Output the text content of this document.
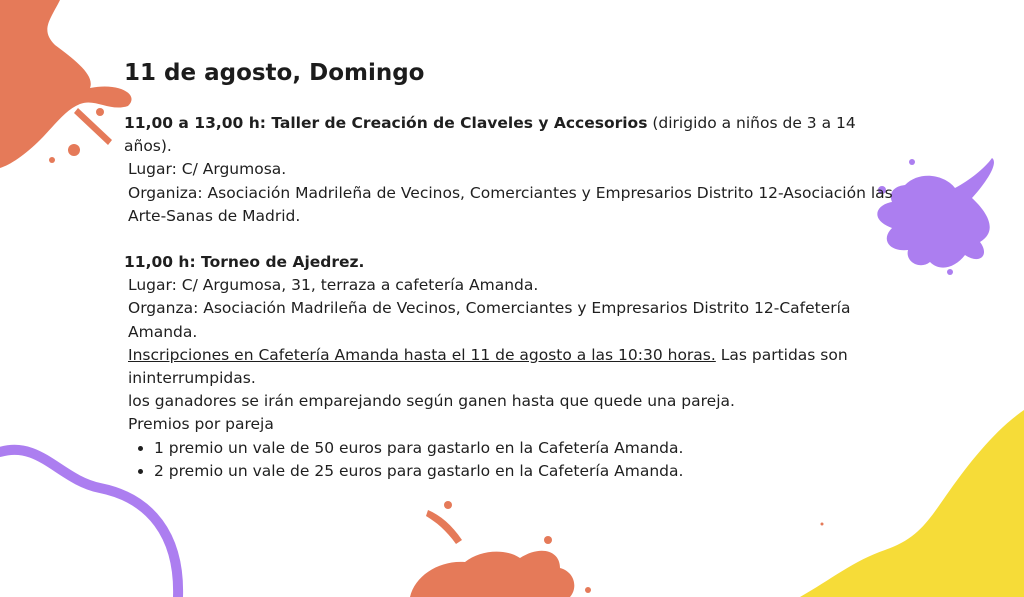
11 de agosto, Domingo

11,00 a 13,00 h: Taller de Creación de Claveles y Accesorios (dirigido a niños de 3 a 14 años).

Lugar: C/ Argumosa.

Organiza: Asociación Madrileña de Vecinos, Comerciantes y Empresarios Distrito 12-Asociación las Arte-Sanas de Madrid.

11,00 h: Torneo de Ajedrez.

Lugar: C/ Argumosa, 31, terraza a cafetería Amanda.

Organza: Asociación Madrileña de Vecinos, Comerciantes y Empresarios Distrito 12-Cafetería Amanda.

Inscripciones en Cafetería Amanda hasta el 11 de agosto a las 10:30 horas. Las partidas son ininterrumpidas.

los ganadores se irán emparejando según ganen hasta que quede una pareja.

Premios por pareja

• 1 premio un vale de 50 euros para gastarlo en la Cafetería Amanda.
• 2 premio un vale de 25 euros para gastarlo en la Cafetería Amanda.
